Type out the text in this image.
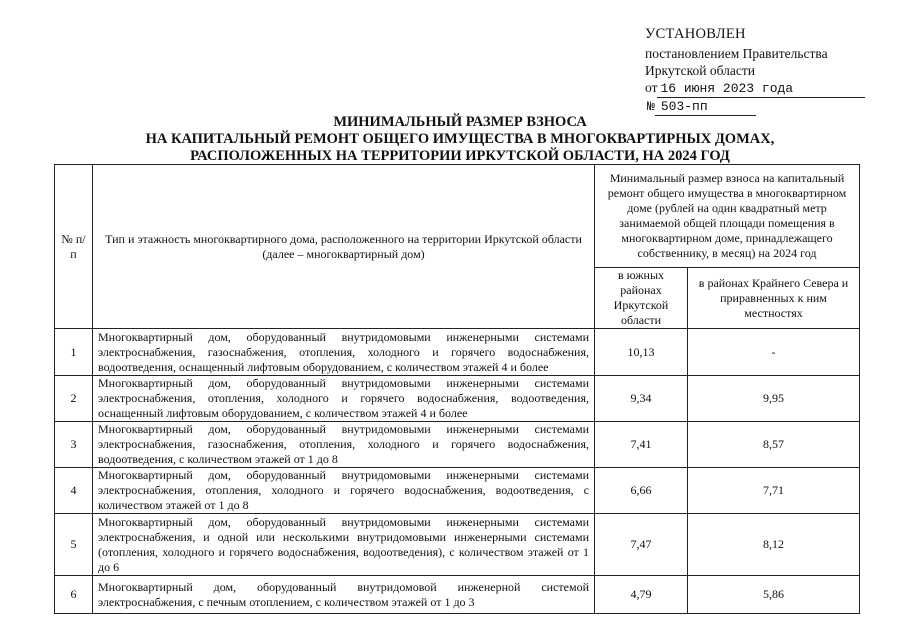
УСТАНОВЛЕН
постановлением Правительства
Иркутской области
от 16 июня 2023 года
№ 503-пп
МИНИМАЛЬНЫЙ РАЗМЕР ВЗНОСА
НА КАПИТАЛЬНЫЙ РЕМОНТ ОБЩЕГО ИМУЩЕСТВА В МНОГОКВАРТИРНЫХ ДОМАХ,
РАСПОЛОЖЕННЫХ НА ТЕРРИТОРИИ ИРКУТСКОЙ ОБЛАСТИ, НА 2024 ГОД
№ п/п	Тип и этажность многоквартирного дома, расположенного на территории Иркутской области (далее – многоквартирный дом)	Минимальный размер взноса на капитальный ремонт общего имущества в многоквартирном доме (рублей на один квадратный метр занимаемой общей площади помещения в многоквартирном доме, принадлежащего собственнику, в месяц) на 2024 год	
		в южных районах Иркутской области	в районах Крайнего Севера и приравненных к ним местностях
1	Многоквартирный дом, оборудованный внутридомовыми инженерными системами электроснабжения, газоснабжения, отопления, холодного и горячего водоснабжения, водоотведения, оснащенный лифтовым оборудованием, с количеством этажей 4 и более	10,13	-
2	Многоквартирный дом, оборудованный внутридомовыми инженерными системами электроснабжения, отопления, холодного и горячего водоснабжения, водоотведения, оснащенный лифтовым оборудованием, с количеством этажей 4 и более	9,34	9,95
3	Многоквартирный дом, оборудованный внутридомовыми инженерными системами электроснабжения, газоснабжения, отопления, холодного и горячего водоснабжения, водоотведения, с количеством этажей от 1 до 8	7,41	8,57
4	Многоквартирный дом, оборудованный внутридомовыми инженерными системами электроснабжения, отопления, холодного и горячего водоснабжения, водоотведения, с количеством этажей от 1 до 8	6,66	7,71
5	Многоквартирный дом, оборудованный внутридомовыми инженерными системами электроснабжения, и одной или несколькими внутридомовыми инженерными системами (отопления, холодного и горячего водоснабжения, водоотведения), с количеством этажей от 1 до 6	7,47	8,12
6	Многоквартирный дом, оборудованный внутридомовой инженерной системой электроснабжения, с печным отоплением, с количеством этажей от 1 до 3	4,79	5,86
